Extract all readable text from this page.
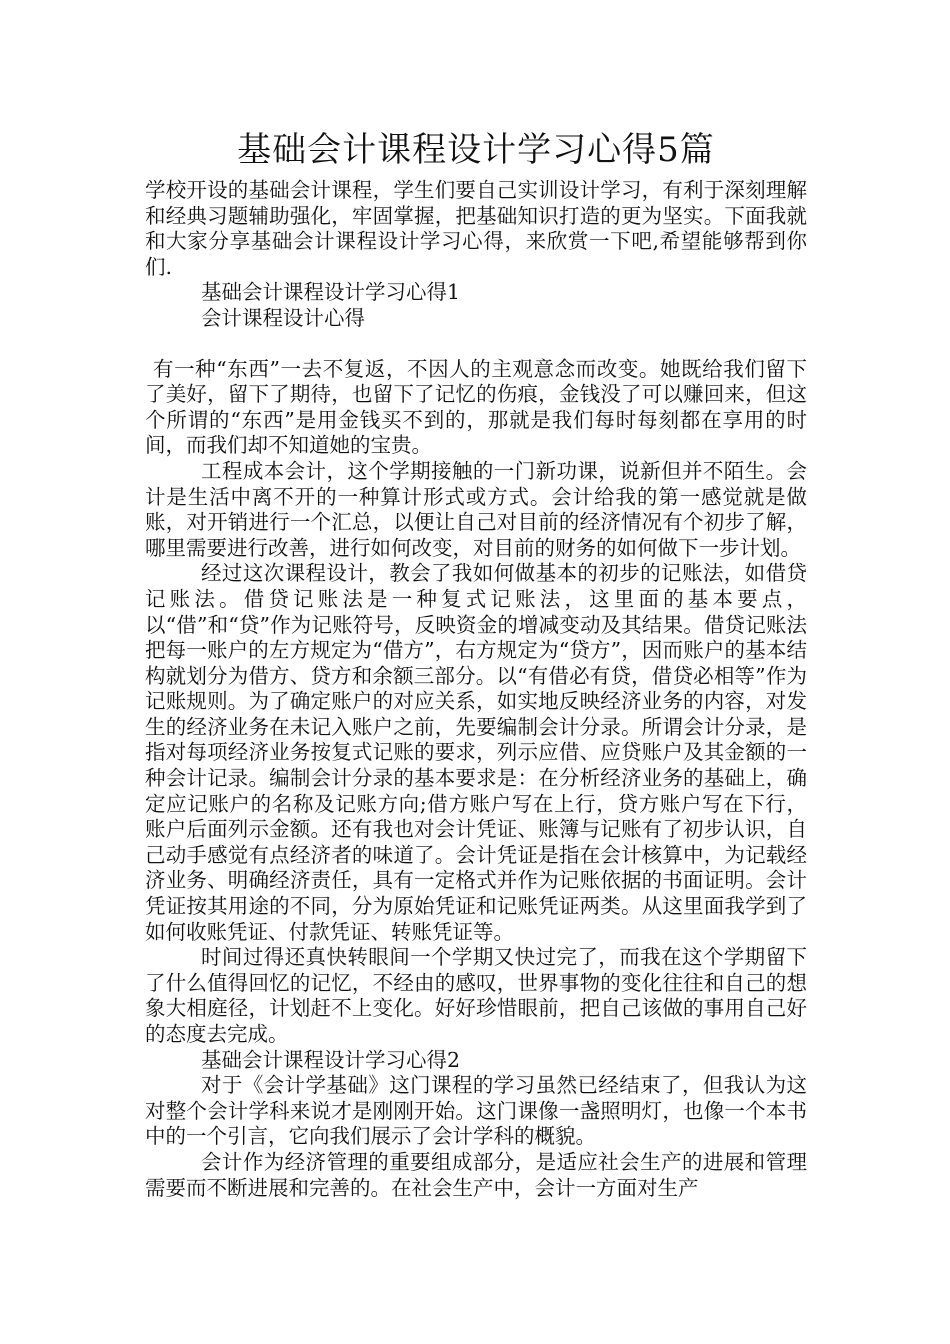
基础会计课程设计学习心得5篇

学校开设的基础会计课程，学生们要自己实训设计学习，有利于深刻理解和经典习题辅助强化，牢固掌握，把基础知识打造的更为坚实。下面我就和大家分享基础会计课程设计学习心得，来欣赏一下吧,希望能够帮到你们.

基础会计课程设计学习心得1

会计课程设计心得

有一种“东西”一去不复返，不因人的主观意念而改变。她既给我们留下了美好，留下了期待，也留下了记忆的伤痕，金钱没了可以赚回来，但这个所谓的“东西”是用金钱买不到的，那就是我们每时每刻都在享用的时间，而我们却不知道她的宝贵。

工程成本会计，这个学期接触的一门新功课，说新但并不陌生。会计是生活中离不开的一种算计形式或方式。会计给我的第一感觉就是做账，对开销进行一个汇总，以便让自己对目前的经济情况有个初步了解，哪里需要进行改善，进行如何改变，对目前的财务的如何做下一步计划。

经过这次课程设计，教会了我如何做基本的初步的记账法，如借贷记账法。借贷记账法是一种复式记账法，这里面的基本要点，以“借”和“贷”作为记账符号，反映资金的增减变动及其结果。借贷记账法把每一账户的左方规定为“借方”，右方规定为“贷方”，因而账户的基本结构就划分为借方、贷方和余额三部分。以“有借必有贷，借贷必相等”作为记账规则。为了确定账户的对应关系，如实地反映经济业务的内容，对发生的经济业务在未记入账户之前，先要编制会计分录。所谓会计分录，是指对每项经济业务按复式记账的要求，列示应借、应贷账户及其金额的一种会计记录。编制会计分录的基本要求是：在分析经济业务的基础上，确定应记账户的名称及记账方向;借方账户写在上行，贷方账户写在下行，账户后面列示金额。还有我也对会计凭证、账簿与记账有了初步认识，自己动手感觉有点经济者的味道了。会计凭证是指在会计核算中，为记载经济业务、明确经济责任，具有一定格式并作为记账依据的书面证明。会计凭证按其用途的不同，分为原始凭证和记账凭证两类。从这里面我学到了如何收账凭证、付款凭证、转账凭证等。

时间过得还真快转眼间一个学期又快过完了，而我在这个学期留下了什么值得回忆的记忆，不经由的感叹，世界事物的变化往往和自己的想象大相庭径，计划赶不上变化。好好珍惜眼前，把自己该做的事用自己好的态度去完成。

基础会计课程设计学习心得2

对于《会计学基础》这门课程的学习虽然已经结束了，但我认为这对整个会计学科来说才是刚刚开始。这门课像一盏照明灯，也像一个本书中的一个引言，它向我们展示了会计学科的概貌。

会计作为经济管理的重要组成部分，是适应社会生产的进展和管理需要而不断进展和完善的。在社会生产中，会计一方面对生产
